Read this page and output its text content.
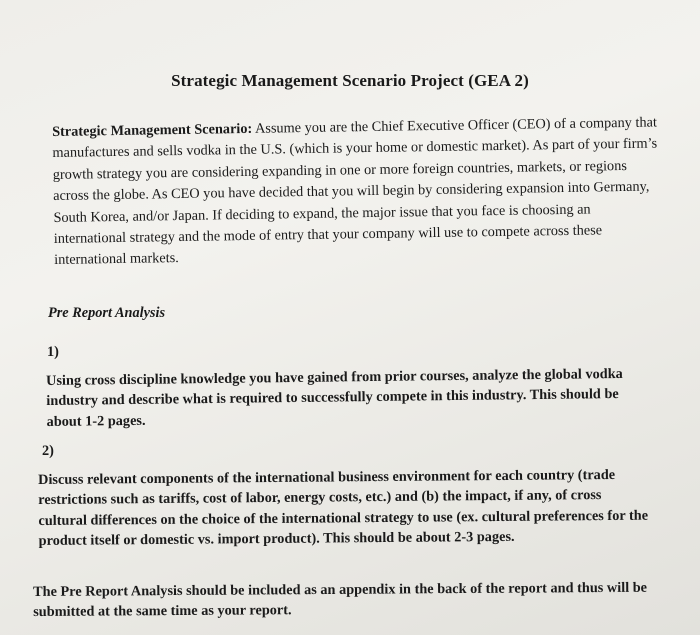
Strategic Management Scenario Project (GEA 2)
Strategic Management Scenario: Assume you are the Chief Executive Officer (CEO) of a company that manufactures and sells vodka in the U.S. (which is your home or domestic market). As part of your firm’s growth strategy you are considering expanding in one or more foreign countries, markets, or regions across the globe. As CEO you have decided that you will begin by considering expansion into Germany, South Korea, and/or Japan. If deciding to expand, the major issue that you face is choosing an international strategy and the mode of entry that your company will use to compete across these international markets.
Pre Report Analysis
1)
Using cross discipline knowledge you have gained from prior courses, analyze the global vodka industry and describe what is required to successfully compete in this industry. This should be about 1-2 pages.
2)
Discuss relevant components of the international business environment for each country (trade restrictions such as tariffs, cost of labor, energy costs, etc.) and (b) the impact, if any, of cross cultural differences on the choice of the international strategy to use (ex. cultural preferences for the product itself or domestic vs. import product). This should be about 2-3 pages.
The Pre Report Analysis should be included as an appendix in the back of the report and thus will be submitted at the same time as your report.
